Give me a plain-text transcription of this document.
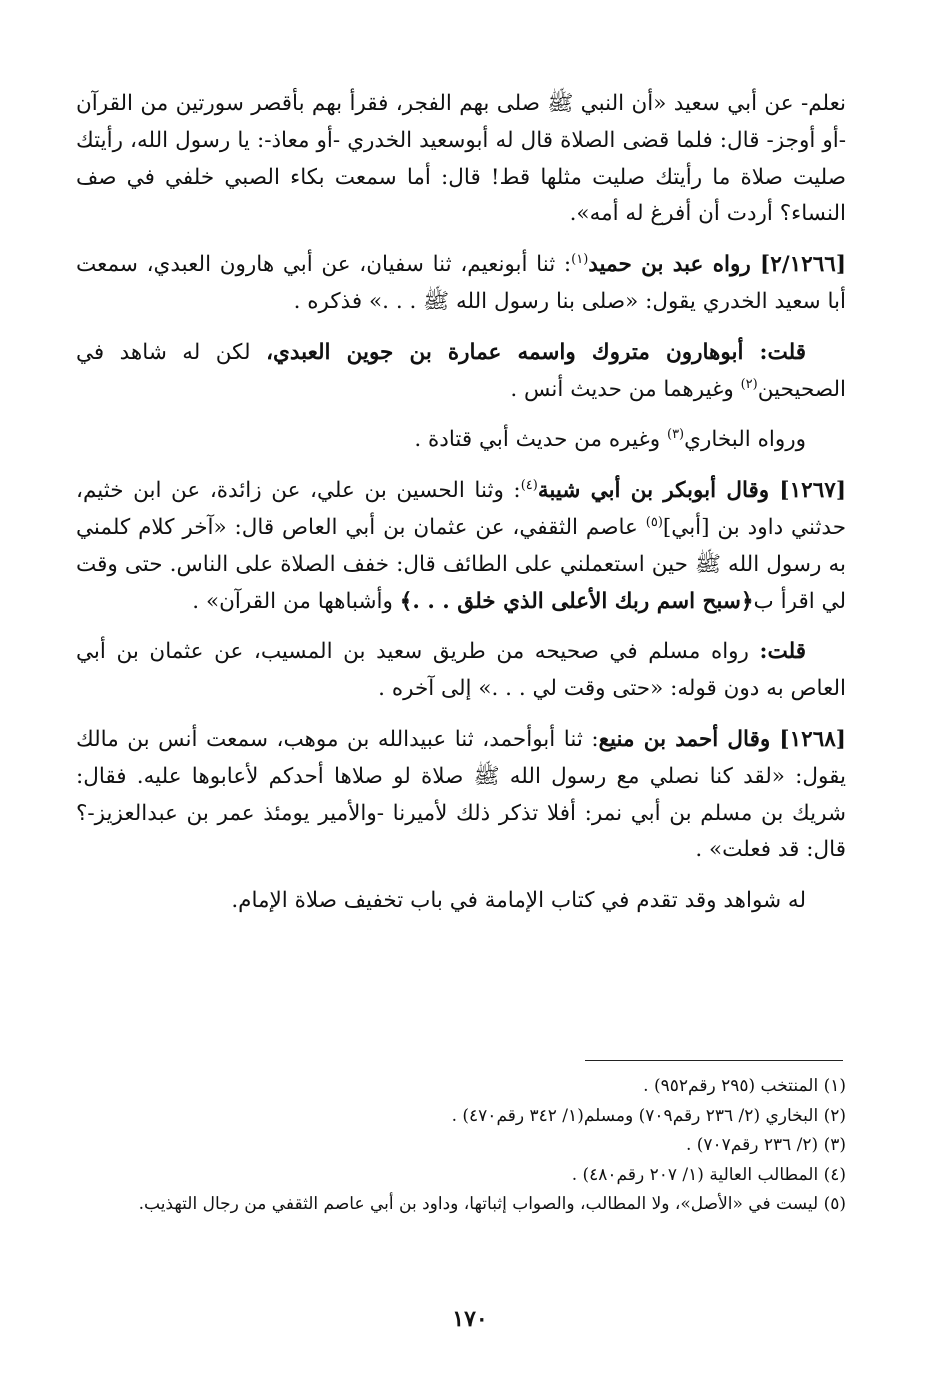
نعلم- عن أبي سعيد «أن النبي ﷺ صلى بهم الفجر، فقرأ بهم بأقصر سورتين من القرآن -أو أوجز- قال: فلما قضى الصلاة قال له أبوسعيد الخدري -أو معاذ-: يا رسول الله، رأيتك صليت صلاة ما رأيتك صليت مثلها قط! قال: أما سمعت بكاء الصبي خلفي في صف النساء؟ أردت أن أفرغ له أمه».

[٢/١٢٦٦] رواه عبد بن حميد$^{(١)}$: ثنا أبونعيم، ثنا سفيان، عن أبي هارون العبدي، سمعت أبا سعيد الخدري يقول: «صلى بنا رسول الله ﷺ . . .» فذكره .

قلت: أبوهارون متروك واسمه عمارة بن جوين العبدي، لكن له شاهد في الصحيحين$^{(٢)}$ وغيرهما من حديث أنس .

ورواه البخاري$^{(٣)}$ وغيره من حديث أبي قتادة .

[١٢٦٧] وقال أبوبكر بن أبي شيبة$^{(٤)}$: وثنا الحسين بن علي، عن زائدة، عن ابن خثيم، حدثني داود بن [أبي]$^{(٥)}$ عاصم الثقفي، عن عثمان بن أبي العاص قال: «آخر كلام كلمني به رسول الله ﷺ حين استعملني على الطائف قال: خفف الصلاة على الناس. حتى وقت لي اقرأ ب﴿سبح اسم ربك الأعلى الذي خلق . . .﴾ وأشباهها من القرآن» .

قلت: رواه مسلم في صحيحه من طريق سعيد بن المسيب، عن عثمان بن أبي العاص به دون قوله: «حتى وقت لي . . .» إلى آخره .

[١٢٦٨] وقال أحمد بن منيع: ثنا أبوأحمد، ثنا عبيدالله بن موهب، سمعت أنس بن مالك يقول: «لقد كنا نصلي مع رسول الله ﷺ صلاة لو صلاها أحدكم لأعابوها عليه. فقال: شريك بن مسلم بن أبي نمر: أفلا تذكر ذلك لأميرنا -والأمير يومئذ عمر بن عبدالعزيز-؟ قال: قد فعلت» .

له شواهد وقد تقدم في كتاب الإمامة في باب تخفيف صلاة الإمام.

(١) المنتخب (٢٩٥ رقم٩٥٢) .
(٢) البخاري (٢/ ٢٣٦ رقم٧٠٩) ومسلم(١/ ٣٤٢ رقم٤٧٠) .
(٣) (٢/ ٢٣٦ رقم٧٠٧) .
(٤) المطالب العالية (١/ ٢٠٧ رقم٤٨٠) .
(٥) ليست في «الأصل»، ولا المطالب، والصواب إثباتها، وداود بن أبي عاصم الثقفي من رجال التهذيب.
١٧٠
